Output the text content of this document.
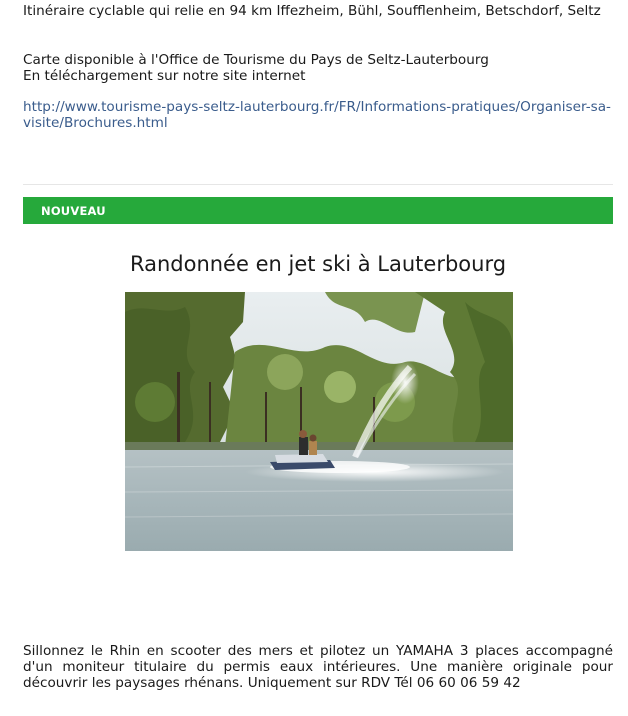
Itinéraire cyclable qui relie en 94 km Iffezheim, Bühl, Soufflenheim, Betschdorf, Seltz

Carte disponible à l'Office de Tourisme du Pays de Seltz-Lauterbourg

En téléchargement sur notre site internet

http://www.tourisme-pays-seltz-lauterbourg.fr/FR/Informations-pratiques/Organiser-sa-visite/Brochures.html

NOUVEAU
Randonnée en jet ski à Lauterbourg

Sillonnez le Rhin en scooter des mers et pilotez un YAMAHA 3 places accompagné d'un moniteur titulaire du permis eaux intérieures. Une manière originale pour découvrir les paysages rhénans. Uniquement sur RDV Tél 06 60 06 59 42
